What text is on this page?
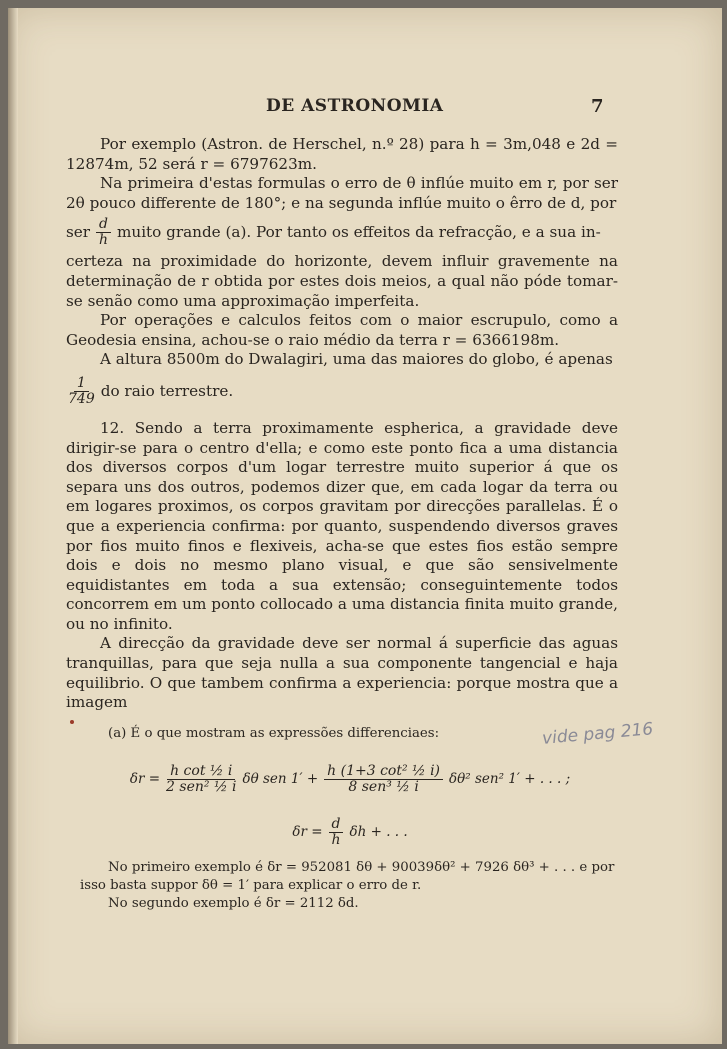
DE ASTRONOMIA	7

Por exemplo (Astron. de Herschel, n.º 28) para h = 3m,048 e 2d = 12874m, 52 será r = 6797623m.

Na primeira d'estas formulas o erro de θ inflúe muito em r, por ser 2θ pouco differente de 180°; e na segunda inflúe muito o êrro de d, por

ser $\frac{d}{h}$ muito grande (a). Por tanto os effeitos da refracção, e a sua in-

certeza na proximidade do horizonte, devem influir gravemente na determinação de r obtida por estes dois meios, a qual não póde tomar-se senão como uma approximação imperfeita.

Por operações e calculos feitos com o maior escrupulo, como a Geodesia ensina, achou-se o raio médio da terra r = 6366198m.

A altura 8500m do Dwalagiri, uma das maiores do globo, é apenas

$\frac{1}{749}$ do raio terrestre.

12. Sendo a terra proximamente espherica, a gravidade deve dirigir-se para o centro d'ella; e como este ponto fica a uma distancia dos diversos corpos d'um logar terrestre muito superior á que os separa uns dos outros, podemos dizer que, em cada logar da terra ou em logares proximos, os corpos gravitam por direcções parallelas. É o que a experiencia confirma: por quanto, suspendendo diversos graves por fios muito finos e flexiveis, acha-se que estes fios estão sempre dois e dois no mesmo plano visual, e que são sensivelmente equidistantes em toda a sua extensão; conseguintemente todos concorrem em um ponto collocado a uma distancia finita muito grande, ou no infinito.

A direcção da gravidade deve ser normal á superficie das aguas tranquillas, para que seja nulla a sua componente tangencial e haja equilibrio. O que tambem confirma a experiencia: porque mostra que a imagem

vide pag 216

(a) É o que mostram as expressões differenciaes:

$\delta r = \frac{\text{h cot ½ i}}{\text{2 sen² ½ i}}$ δθ sen $1' + \frac{\text{h (1+3 cot² ½ i)}}{\text{8 sen³ ½ i}} \delta\theta^2$ sen² 1′ + . . . ;
$\delta r = \frac{d}{h}$ δh + . . .

No primeiro exemplo é δr = 952081 δθ + 90039δθ² + 7926 δθ³ + . . . e por isso basta suppor δθ = 1′ para explicar o erro de r.

No segundo exemplo é δr = 2112 δd.
